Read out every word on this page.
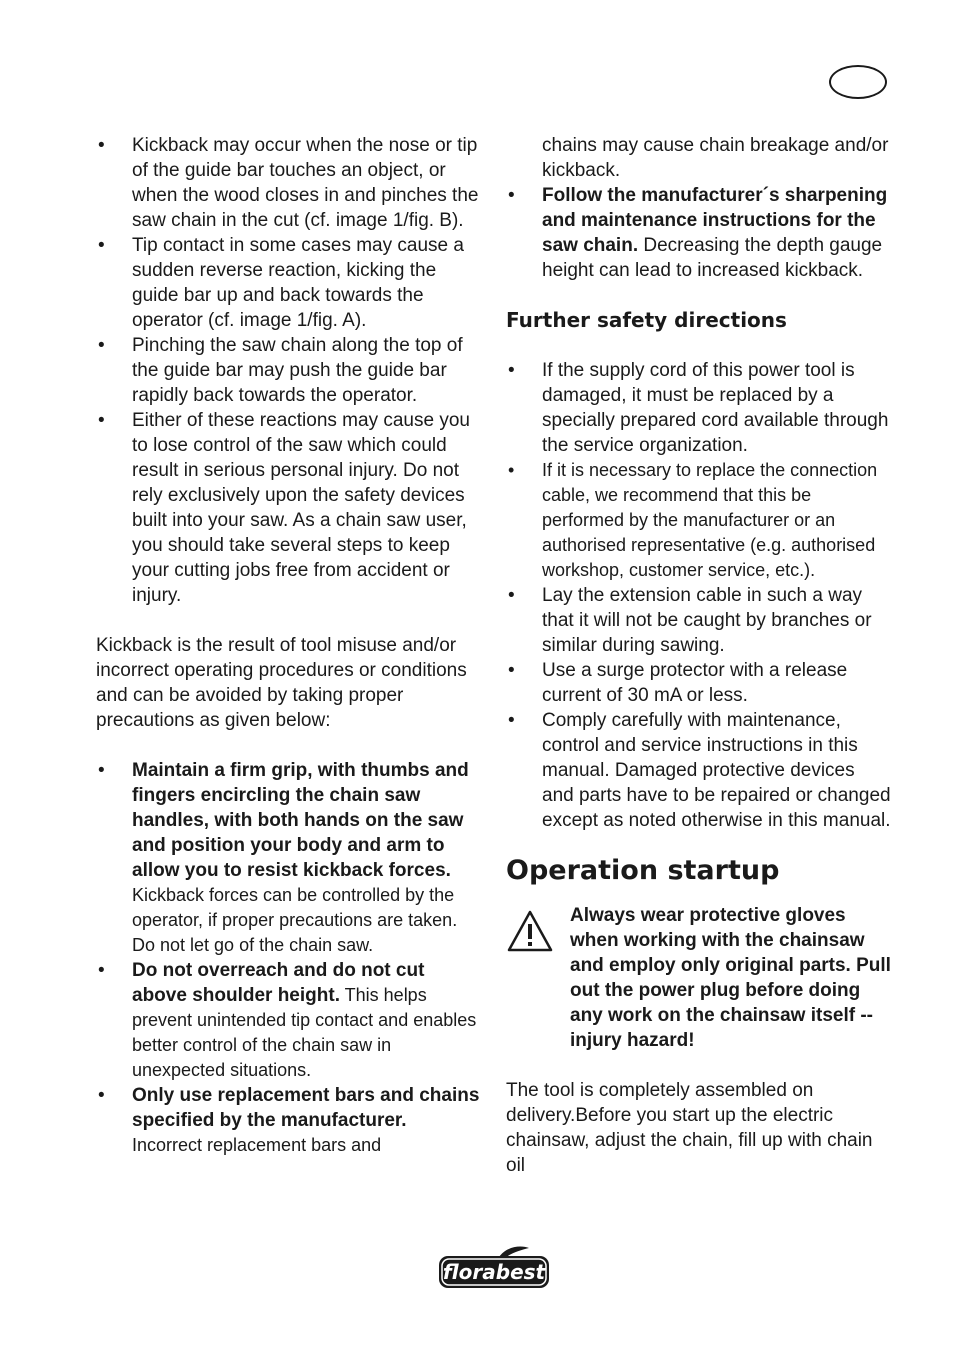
• Kickback may occur when the nose or tip of the guide bar touches an object, or when the wood closes in and pinches the saw chain in the cut (cf. image 1/fig. B).
• Tip contact in some cases may cause a sudden reverse reaction, kicking the guide bar up and back towards the operator (cf. image 1/fig. A).
• Pinching the saw chain along the top of the guide bar may push the guide bar rapidly back towards the operator.
• Either of these reactions may cause you to lose control of the saw which could result in serious personal injury. Do not rely exclusively upon the safety devices built into your saw. As a chain saw user, you should take several steps to keep your cutting jobs free from accident or injury.

Kickback is the result of tool misuse and/or incorrect operating procedures or conditions and can be avoided by taking proper precautions as given below:

• Maintain a firm grip, with thumbs and fingers encircling the chain saw handles, with both hands on the saw and position your body and arm to allow you to resist kickback forces. Kickback forces can be controlled by the operator, if proper precautions are taken. Do not let go of the chain saw.
• Do not overreach and do not cut above shoulder height. This helps prevent unintended tip contact and enables better control of the chain saw in unexpected situations.
• Only use replacement bars and chains specified by the manufacturer. Incorrect replacement bars and
chains may cause chain breakage and/or kickback.
• Follow the manufacturer´s sharpening and maintenance instructions for the saw chain. Decreasing the depth gauge height can lead to increased kickback.
Further safety directions
• If the supply cord of this power tool is damaged, it must be replaced by a specially prepared cord available through the service organization.
• If it is necessary to replace the connection cable, we recommend that this be performed by the manufacturer or an authorised representative (e.g. authorised workshop, customer service, etc.).
• Lay the extension cable in such a way that it will not be caught by branches or similar during sawing.
• Use a surge protector with a release current of 30 mA or less.
• Comply carefully with maintenance, control and service instructions in this manual. Damaged protective devices and parts have to be repaired or changed except as noted otherwise in this manual.
Operation startup

Always wear protective gloves when working with the chainsaw and employ only original parts. Pull out the power plug before doing any work on the chainsaw itself -- injury hazard!

The tool is completely assembled on delivery.Before you start up the electric chainsaw, adjust the chain, fill up with chain oil

florabest
